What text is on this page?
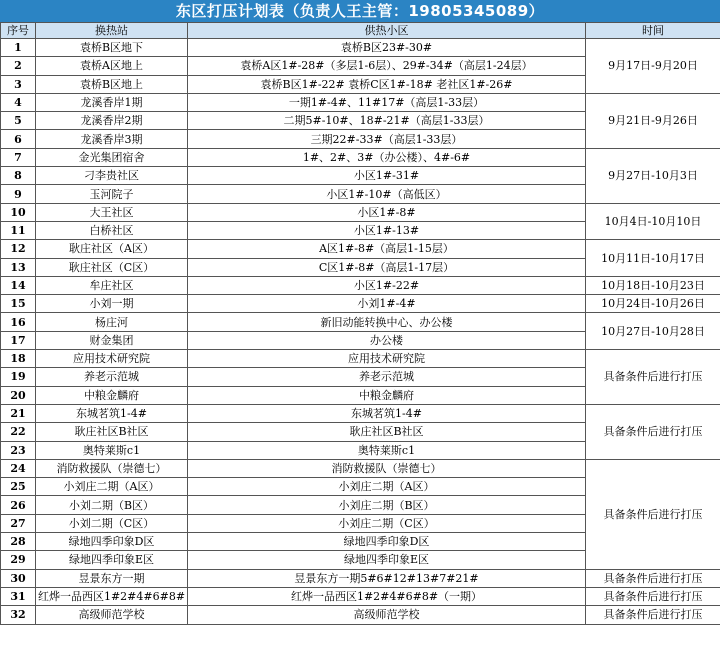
东区打压计划表（负责人王主管：19805345089）
序号	换热站	供热小区	时间
1	袁桥B区地下	袁桥B区23#-30#	9月17日-9月20日
2	袁桥A区地上	袁桥A区1#-28#（多层1-6层）、29#-34#（高层1-24层）	
3	袁桥B区地上	袁桥B区1#-22# 袁桥C区1#-18# 老社区1#-26#	
4	龙溪香岸1期	一期1#-4#、11#17#（高层1-33层）	9月21日-9月26日
5	龙溪香岸2期	二期5#-10#、18#-21#（高层1-33层）	
6	龙溪香岸3期	三期22#-33#（高层1-33层）	
7	金光集团宿舍	1#、2#、3#（办公楼）、4#-6#	9月27日-10月3日
8	刁李贵社区	小区1#-31#	
9	玉河院子	小区1#-10#（高低区）	
10	大王社区	小区1#-8#	10月4日-10月10日
11	白桥社区	小区1#-13#	
12	耿庄社区（A区）	A区1#-8#（高层1-15层）	10月11日-10月17日
13	耿庄社区（C区）	C区1#-8#（高层1-17层）	
14	牟庄社区	小区1#-22#	10月18日-10月23日
15	小刘一期	小刘1#-4#	10月24日-10月26日
16	杨庄河	新旧动能转换中心、办公楼	10月27日-10月28日
17	财金集团	办公楼	
18	应用技术研究院	应用技术研究院	具备条件后进行打压
19	养老示范城	养老示范城	
20	中粮金麟府	中粮金麟府	
21	东城茗筑1-4#	东城茗筑1-4#	具备条件后进行打压
22	耿庄社区B社区	耿庄社区B社区	
23	奥特莱斯c1	奥特莱斯c1	
24	消防救援队（崇德七）	消防救援队（崇德七）	具备条件后进行打压
25	小刘庄二期（A区）	小刘庄二期（A区）	
26	小刘二期（B区）	小刘庄二期（B区）	
27	小刘二期（C区）	小刘庄二期（C区）	
28	绿地四季印象D区	绿地四季印象D区	
29	绿地四季印象E区	绿地四季印象E区	
30	昱景东方一期	昱景东方一期5#6#12#13#7#21#	具备条件后进行打压
31	红烨一品西区1#2#4#6#8#	红烨一品西区1#2#4#6#8#（一期）	具备条件后进行打压
32	高级师范学校	高级师范学校	具备条件后进行打压
